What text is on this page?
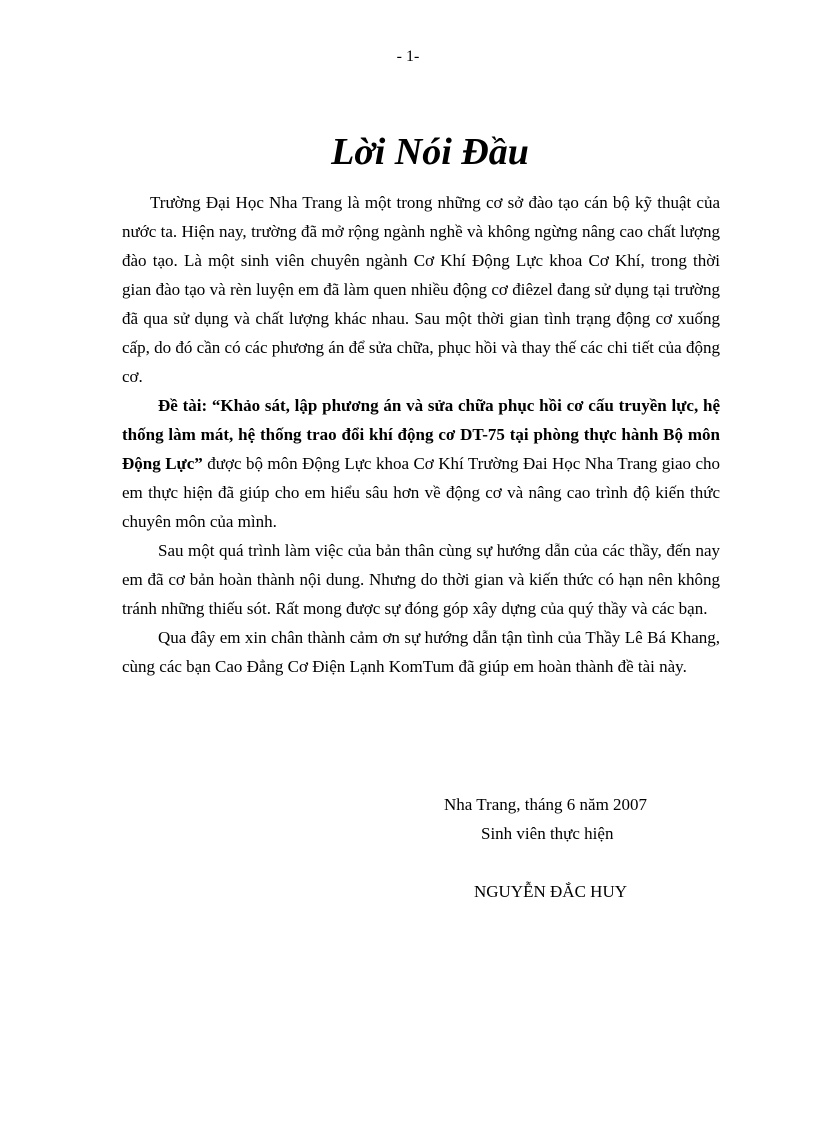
- 1-
Lời Nói Đầu

Trường Đại Học Nha Trang là một trong những cơ sở đào tạo cán bộ kỹ thuật của nước ta. Hiện nay, trường đã mở rộng ngành nghề và không ngừng nâng cao chất lượng đào tạo. Là một sinh viên chuyên ngành Cơ Khí Động Lực khoa Cơ Khí, trong thời gian đào tạo và rèn luyện em đã làm quen nhiều động cơ điêzel đang sử dụng tại trường đã qua sử dụng và chất lượng khác nhau. Sau một thời gian tình trạng động cơ xuống cấp, do đó cần có các phương án để sửa chữa, phục hồi và thay thế các chi tiết của động cơ.

Đề tài: “Khảo sát, lập phương án và sửa chữa phục hồi cơ cấu truyền lực, hệ thống làm mát, hệ thống trao đổi khí động cơ DT-75 tại phòng thực hành Bộ môn Động Lực” được bộ môn Động Lực khoa Cơ Khí Trường Đai Học Nha Trang giao cho em thực hiện đã giúp cho em hiểu sâu hơn về động cơ và nâng cao trình độ kiến thức chuyên môn của mình.

Sau một quá trình làm việc của bản thân cùng sự hướng dẫn của các thầy, đến nay em đã cơ bản hoàn thành nội dung. Nhưng do thời gian và kiến thức có hạn nên không tránh những thiếu sót. Rất mong được sự đóng góp xây dựng của quý thầy và các bạn.

Qua đây em xin chân thành cảm ơn sự hướng dẫn tận tình của Thầy Lê Bá Khang, cùng các bạn Cao Đẳng Cơ Điện Lạnh KomTum đã giúp em hoàn thành đề tài này.

Nha Trang, tháng 6 năm 2007
Sinh viên thực hiện
NGUYỄN ĐẮC HUY
